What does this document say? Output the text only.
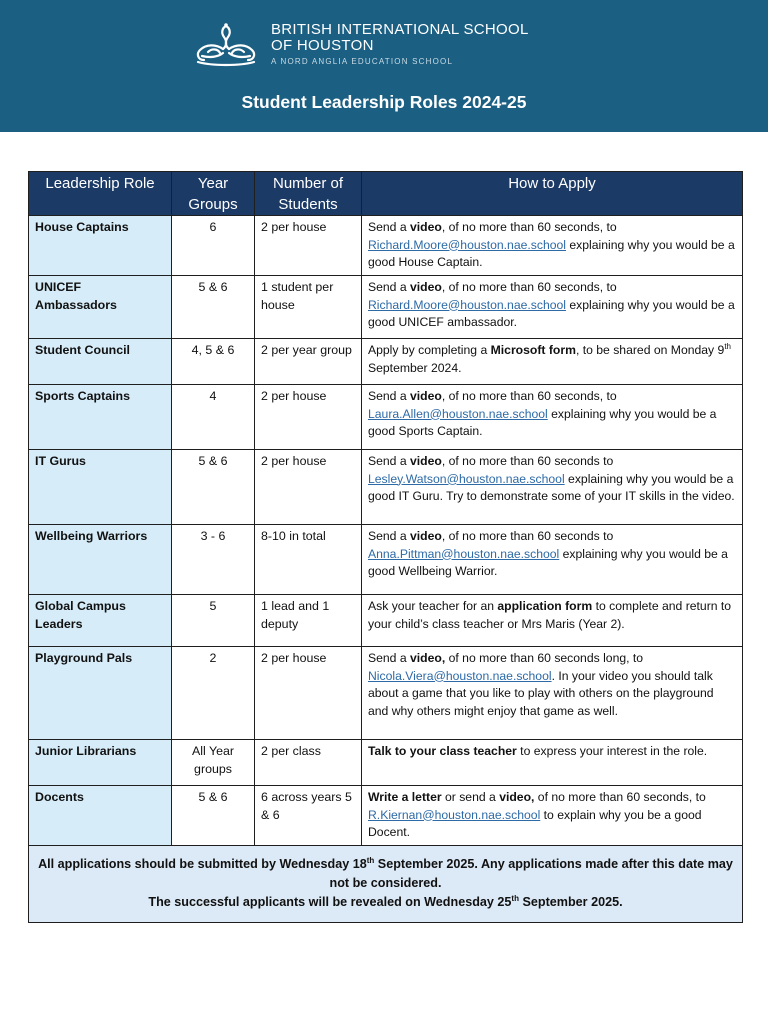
BRITISH INTERNATIONAL SCHOOL
OF HOUSTON
A NORD ANGLIA EDUCATION SCHOOL
Student Leadership Roles 2024-25
Leadership Role	Year Groups	Number of Students	How to Apply
House Captains	6	2 per house	Send a video, of no more than 60 seconds, to Richard.Moore@houston.nae.school explaining why you would be a good House Captain.
UNICEF Ambassadors	5 & 6	1 student per house	Send a video, of no more than 60 seconds, to Richard.Moore@houston.nae.school explaining why you would be a good UNICEF ambassador.
Student Council	4, 5 & 6	2 per year group	Apply by completing a Microsoft form, to be shared on Monday 9th September 2024.
Sports Captains	4	2 per house	Send a video, of no more than 60 seconds, to Laura.Allen@houston.nae.school explaining why you would be a good Sports Captain.
IT Gurus	5 & 6	2 per house	Send a video, of no more than 60 seconds to Lesley.Watson@houston.nae.school explaining why you would be a good IT Guru. Try to demonstrate some of your IT skills in the video.
Wellbeing Warriors	3 - 6	8-10 in total	Send a video, of no more than 60 seconds to Anna.Pittman@houston.nae.school explaining why you would be a good Wellbeing Warrior.
Global Campus Leaders	5	1 lead and 1 deputy	Ask your teacher for an application form to complete and return to your child’s class teacher or Mrs Maris (Year 2).
Playground Pals	2	2 per house	Send a video, of no more than 60 seconds long, to Nicola.Viera@houston.nae.school. In your video you should talk about a game that you like to play with others on the playground and why others might enjoy that game as well.
Junior Librarians	All Year groups	2 per class	Talk to your class teacher to express your interest in the role.
Docents	5 & 6	6 across years 5 & 6	Write a letter or send a video, of no more than 60 seconds, to R.Kiernan@houston.nae.school to explain why you be a good Docent.

All applications should be submitted by Wednesday 18th September 2025. Any applications made after this date may not be considered.
The successful applicants will be revealed on Wednesday 25th September 2025.			
